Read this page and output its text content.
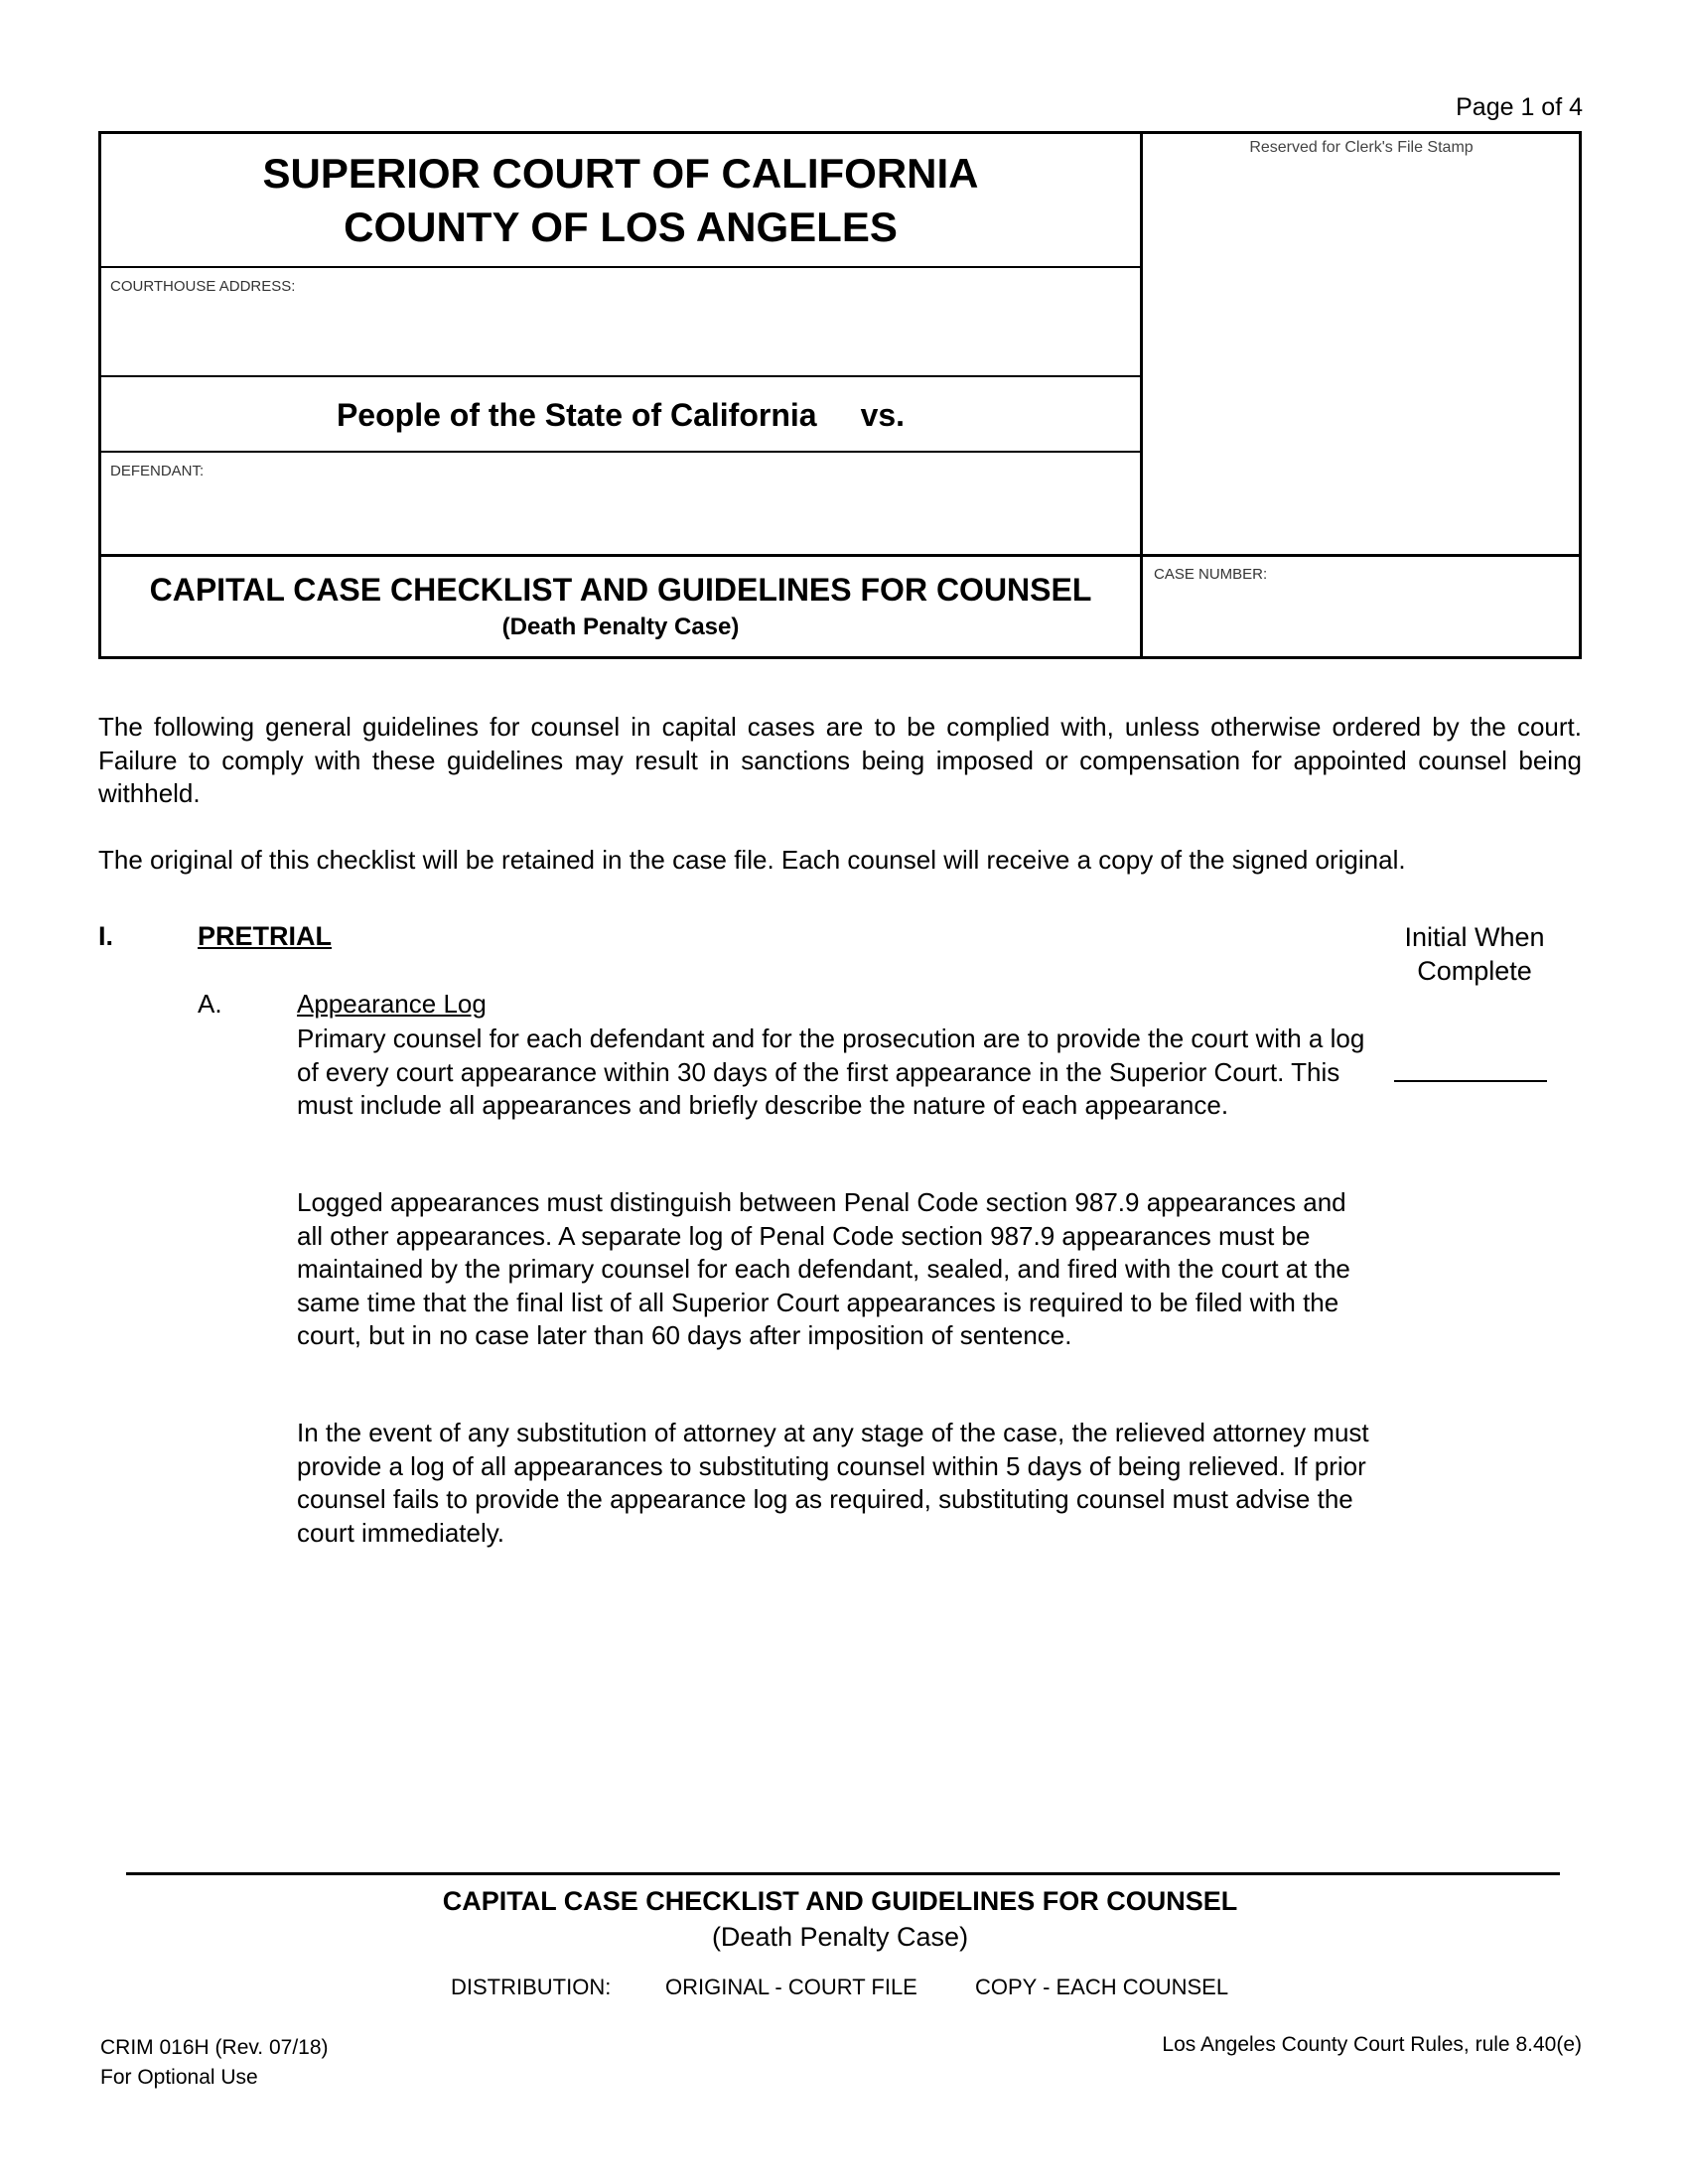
Page 1 of 4
SUPERIOR COURT OF CALIFORNIA
COUNTY OF LOS ANGELES
Reserved for Clerk's File Stamp
COURTHOUSE ADDRESS:
People of the State of California vs.
DEFENDANT:
CAPITAL CASE CHECKLIST AND GUIDELINES FOR COUNSEL
(Death Penalty Case)
CASE NUMBER:
The following general guidelines for counsel in capital cases are to be complied with, unless otherwise ordered by the court. Failure to comply with these guidelines may result in sanctions being imposed or compensation for appointed counsel being withheld.
The original of this checklist will be retained in the case file. Each counsel will receive a copy of the signed original.
I.	PRETRIAL	Initial When
Complete
A.	Appearance Log
Primary counsel for each defendant and for the prosecution are to provide the court with a log of every court appearance within 30 days of the first appearance in the Superior Court. This must include all appearances and briefly describe the nature of each appearance.
Logged appearances must distinguish between Penal Code section 987.9 appearances and all other appearances. A separate log of Penal Code section 987.9 appearances must be maintained by the primary counsel for each defendant, sealed, and fired with the court at the same time that the final list of all Superior Court appearances is required to be filed with the court, but in no case later than 60 days after imposition of sentence.
In the event of any substitution of attorney at any stage of the case, the relieved attorney must provide a log of all appearances to substituting counsel within 5 days of being relieved. If prior counsel fails to provide the appearance log as required, substituting counsel must advise the court immediately.
CAPITAL CASE CHECKLIST AND GUIDELINES FOR COUNSEL
(Death Penalty Case)
DISTRIBUTION: ORIGINAL - COURT FILE	COPY - EACH COUNSEL
CRIM 016H (Rev. 07/18)
For Optional Use
Los Angeles County Court Rules, rule 8.40(e)
